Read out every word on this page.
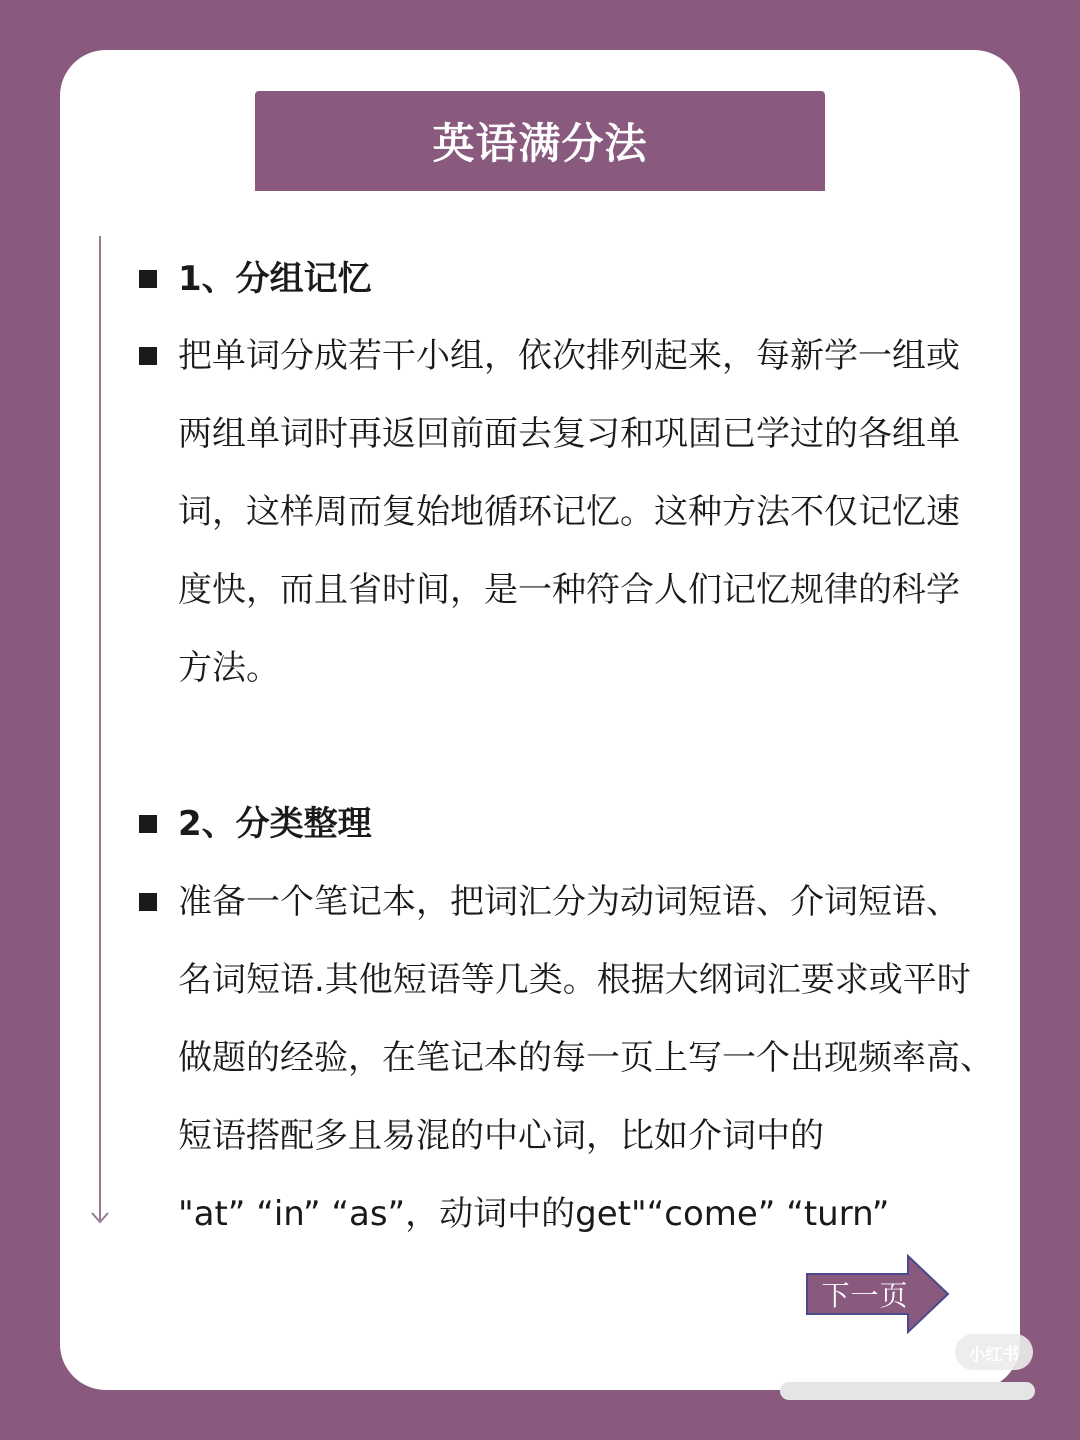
英语满分法
1、分组记忆

把单词分成若干小组，依次排列起来，每新学一组或
两组单词时再返回前面去复习和巩固已学过的各组单
词，这样周而复始地循环记忆。这种方法不仅记忆速
度快，而且省时间，是一种符合人们记忆规律的科学
方法。

2、分类整理

准备一个笔记本，把词汇分为动词短语、介词短语、
名词短语.其他短语等几类。根据大纲词汇要求或平时
做题的经验，在笔记本的每一页上写一个出现频率高、
短语搭配多且易混的中心词，比如介词中的
"at” “in” “as”，动词中的get"“come” “turn”

下一页
小红书
